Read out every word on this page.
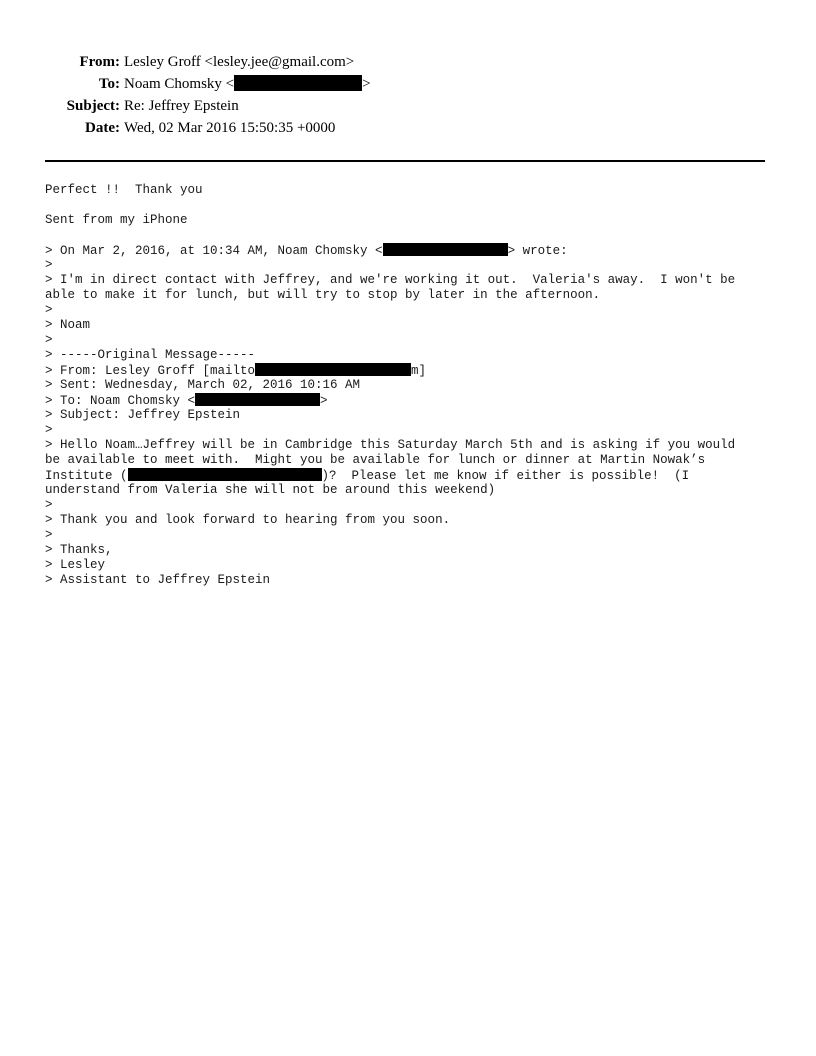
From: Lesley Groff <lesley.jee@gmail.com>
To: Noam Chomsky <	>
Subject: Re: Jeffrey Epstein
Date: Wed, 02 Mar 2016 15:50:35 +0000
Perfect !!  Thank you
Sent from my iPhone
> On Mar 2, 2016, at 10:34 AM, Noam Chomsky <	> wrote:
>
> I'm in direct contact with Jeffrey, and we're working it out.  Valeria's away.  I won't be
able to make it for lunch, but will try to stop by later in the afternoon.
>
> Noam
>
> -----Original Message-----
> From: Lesley Groff [mailto	m]
> Sent: Wednesday, March 02, 2016 10:16 AM
> To: Noam Chomsky <	>
> Subject: Jeffrey Epstein
>
> Hello Noam…Jeffrey will be in Cambridge this Saturday March 5th and is asking if you would
be available to meet with.  Might you be available for lunch or dinner at Martin Nowak’s
Institute (	)?  Please let me know if either is possible!  (I
understand from Valeria she will not be around this weekend)
>
> Thank you and look forward to hearing from you soon.
>
> Thanks,
> Lesley
> Assistant to Jeffrey Epstein
